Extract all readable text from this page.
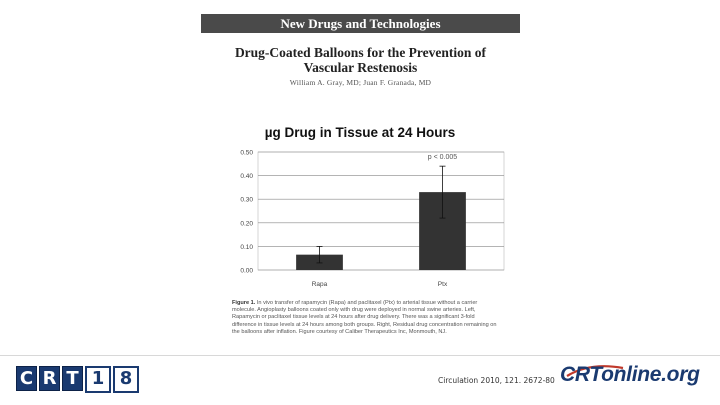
New Drugs and Technologies
Drug-Coated Balloons for the Prevention of
Vascular Restenosis
William A. Gray, MD; Juan F. Granada, MD
µg Drug in Tissue at 24 Hours
0.00
0.10
0.20
0.30
0.40
0.50
Rapa	Ptx
p < 0.005
Figure 1. In vivo transfer of rapamycin (Rapa) and paclitaxel (Ptx) to arterial tissue without a carrier molecule. Angioplasty balloons coated only with drug were deployed in normal swine arteries. Left, Rapamycin or paclitaxel tissue levels at 24 hours after drug delivery. There was a significant 3-fold difference in tissue levels at 24 hours among both groups. Right, Residual drug concentration remaining on the balloons after inflation. Figure courtesy of Caliber Therapeutics Inc, Monmouth, NJ.
C R T 1 8	Circulation 2010, 121. 2672-80 CRTonline.org
